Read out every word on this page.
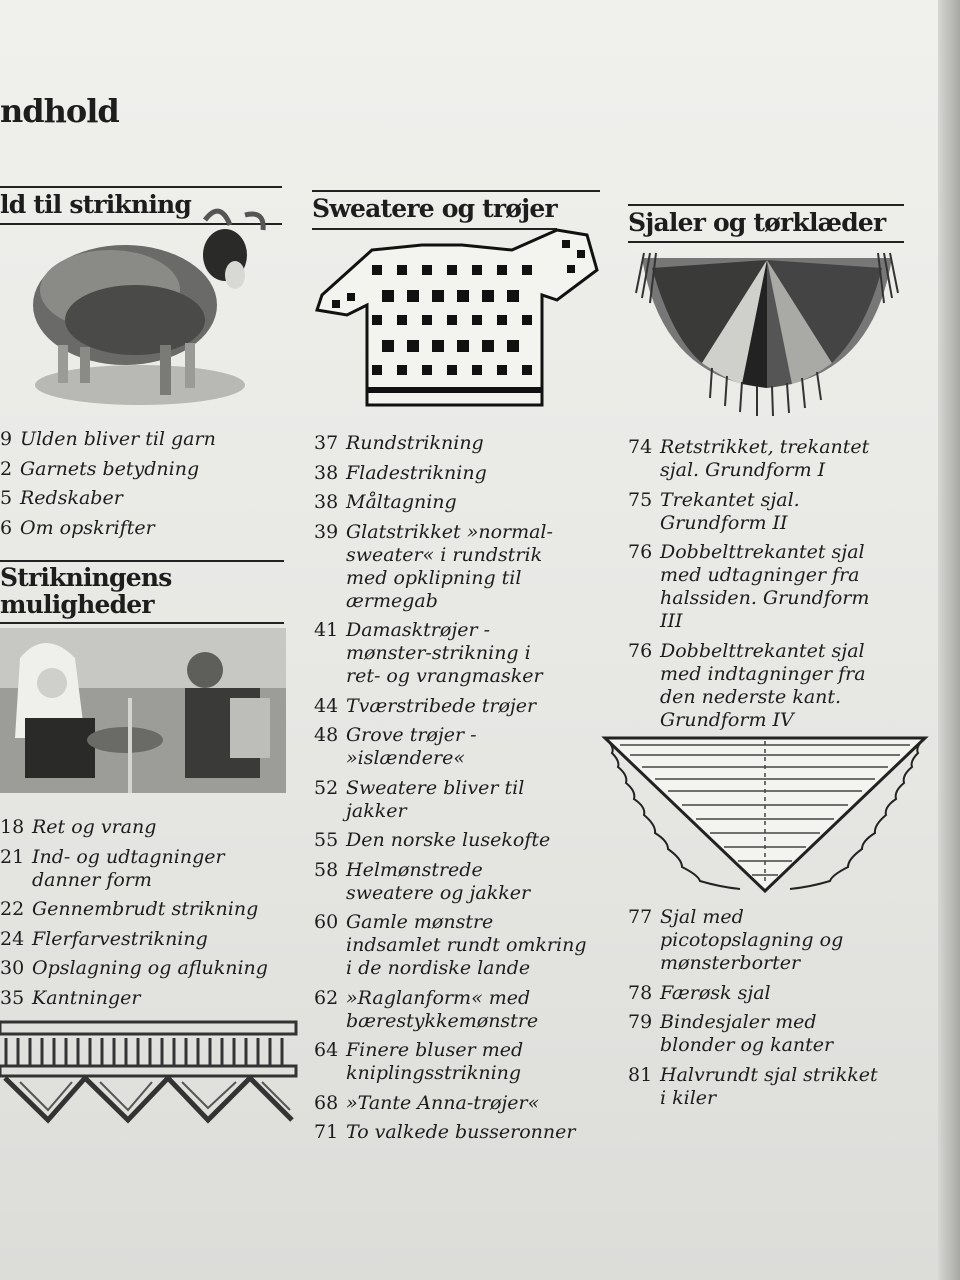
ndhold
ld til strikning
9 Ulden bliver til garn
2 Garnets betydning
5 Redskaber
6 Om opskrifter
Strikningens
muligheder
18 Ret og vrang
21 Ind- og udtagninger danner form
22 Gennembrudt strikning
24 Flerfarvestrikning
30 Opslagning og aflukning
35 Kantninger
Sweatere og trøjer
37 Rundstrikning
38 Fladestrikning
38 Måltagning
39 Glatstrikket »normal-sweater« i rundstrik med opklipning til ærmegab
41 Damasktrøjer - mønster-strikning i ret- og vrangmasker
44 Tværstribede trøjer
48 Grove trøjer - »islændere«
52 Sweatere bliver til jakker
55 Den norske lusekofte
58 Helmønstrede sweatere og jakker
60 Gamle mønstre indsamlet rundt omkring i de nordiske lande
62 »Raglanform« med bærestykkemønstre
64 Finere bluser med kniplingsstrikning
68 »Tante Anna-trøjer«
71 To valkede busseronner
Sjaler og tørklæder
74 Retstrikket, trekantet sjal. Grundform I
75 Trekantet sjal. Grundform II
76 Dobbelttrekantet sjal med udtagninger fra halssiden. Grundform III
76 Dobbelttrekantet sjal med indtagninger fra den nederste kant. Grundform IV
77 Sjal med picotopslagning og mønsterborter
78 Færøsk sjal
79 Bindesjaler med blonder og kanter
81 Halvrundt sjal strikket i kiler
